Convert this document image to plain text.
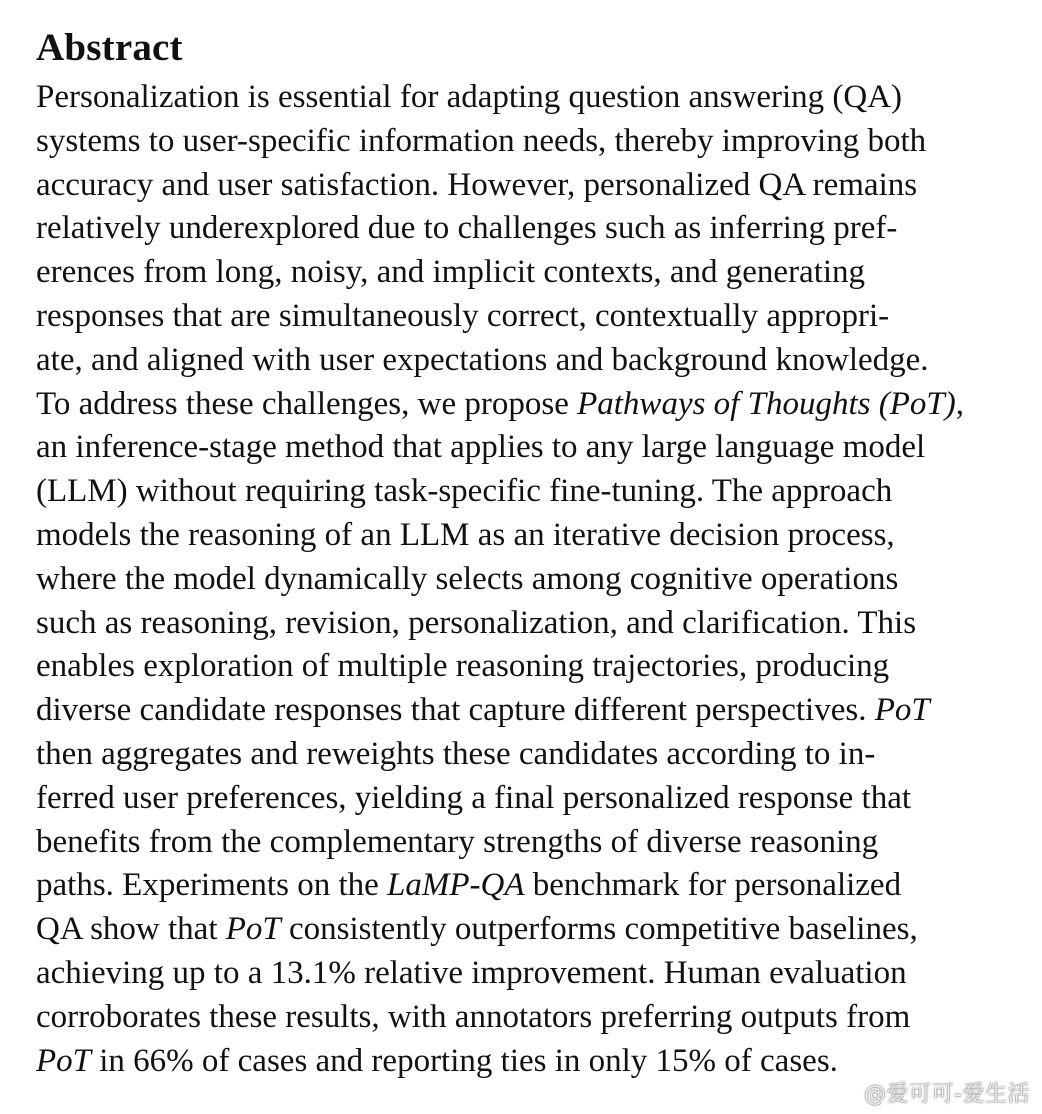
Abstract
Personalization is essential for adapting question answering (QA)
systems to user-specific information needs, thereby improving both
accuracy and user satisfaction. However, personalized QA remains
relatively underexplored due to challenges such as inferring pref-
erences from long, noisy, and implicit contexts, and generating
responses that are simultaneously correct, contextually appropri-
ate, and aligned with user expectations and background knowledge.
To address these challenges, we propose Pathways of Thoughts (PoT),
an inference-stage method that applies to any large language model
(LLM) without requiring task-specific fine-tuning. The approach
models the reasoning of an LLM as an iterative decision process,
where the model dynamically selects among cognitive operations
such as reasoning, revision, personalization, and clarification. This
enables exploration of multiple reasoning trajectories, producing
diverse candidate responses that capture different perspectives. PoT
then aggregates and reweights these candidates according to in-
ferred user preferences, yielding a final personalized response that
benefits from the complementary strengths of diverse reasoning
paths. Experiments on the LaMP-QA benchmark for personalized
QA show that PoT consistently outperforms competitive baselines,
achieving up to a 13.1% relative improvement. Human evaluation
corroborates these results, with annotators preferring outputs from
PoT in 66% of cases and reporting ties in only 15% of cases.
@爱可可-爱生活
